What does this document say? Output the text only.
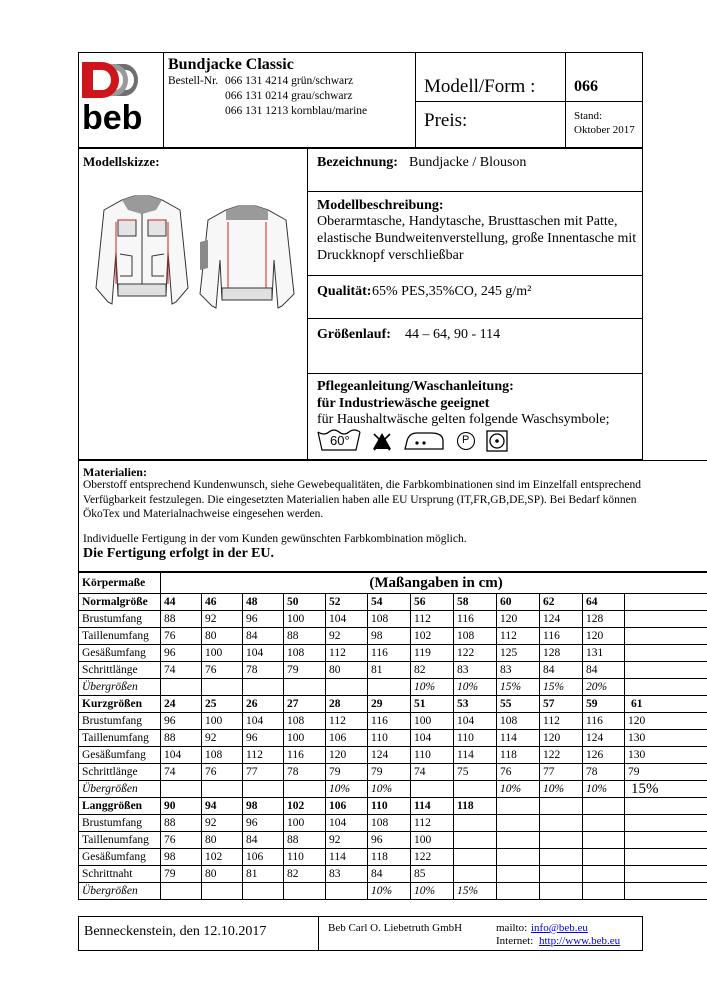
beb
Bundjacke Classic
Bestell-Nr. 066 131 4214 grün/schwarz
066 131 0214 grau/schwarz
066 131 1213 kornblau/marine
Modell/Form : 066
Preis:	Stand:
Oktober 2017
Modellskizze:	Bezeichnung: Bundjacke / Blouson
Modellbeschreibung:
Oberarmtasche, Handytasche, Brusttaschen mit Patte,
elastische Bundweitenverstellung, große Innentasche mit
Druckknopf verschließbar
Qualität: 65% PES,35%CO, 245 g/m²
Größenlauf: 44 – 64, 90 - 114
Pflegeanleitung/Waschanleitung:
für Industriewäsche geeignet
für Haushaltwäsche gelten folgende Waschsymbole;
60°	P
Materialien:
Oberstoff entsprechend Kundenwunsch, siehe Gewebequalitäten, die Farbkombinationen sind im Einzelfall entsprechend
Verfügbarkeit festzulegen. Die eingesetzten Materialien haben alle EU Ursprung (IT,FR,GB,DE,SP). Bei Bedarf können
ÖkoTex und Materialnachweise eingesehen werden.
Individuelle Fertigung in der vom Kunden gewünschten Farbkombination möglich.
Die Fertigung erfolgt in der EU.
Körpermaße	(Maßangaben in cm)											
Normalgröße	44	46	48	50	52	54	56	58	60	62	64	
Brustumfang	88	92	96	100	104	108	112	116	120	124	128	
Taillenumfang	76	80	84	88	92	98	102	108	112	116	120	
Gesäßumfang	96	100	104	108	112	116	119	122	125	128	131	
Schrittlänge	74	76	78	79	80	81	82	83	83	84	84	
Übergrößen							10%	10%	15%	15%	20%	
Kurzgrößen	24	25	26	27	28	29	51	53	55	57	59	61
Brustumfang	96	100	104	108	112	116	100	104	108	112	116	120
Taillenumfang	88	92	96	100	106	110	104	110	114	120	124	130
Gesäßumfang	104	108	112	116	120	124	110	114	118	122	126	130
Schrittlänge	74	76	77	78	79	79	74	75	76	77	78	79
Übergrößen					10%	10%			10%	10%	10%	15%
Langgrößen	90	94	98	102	106	110	114	118				
Brustumfang	88	92	96	100	104	108	112					
Taillenumfang	76	80	84	88	92	96	100					
Gesäßumfang	98	102	106	110	114	118	122					
Schrittnaht	79	80	81	82	83	84	85					
Übergrößen						10%	10%	15%				
Benneckenstein, den 12.10.2017	Beb Carl O. Liebetruth GmbH	mailto: info@beb.eu
Internet: http://www.beb.eu
